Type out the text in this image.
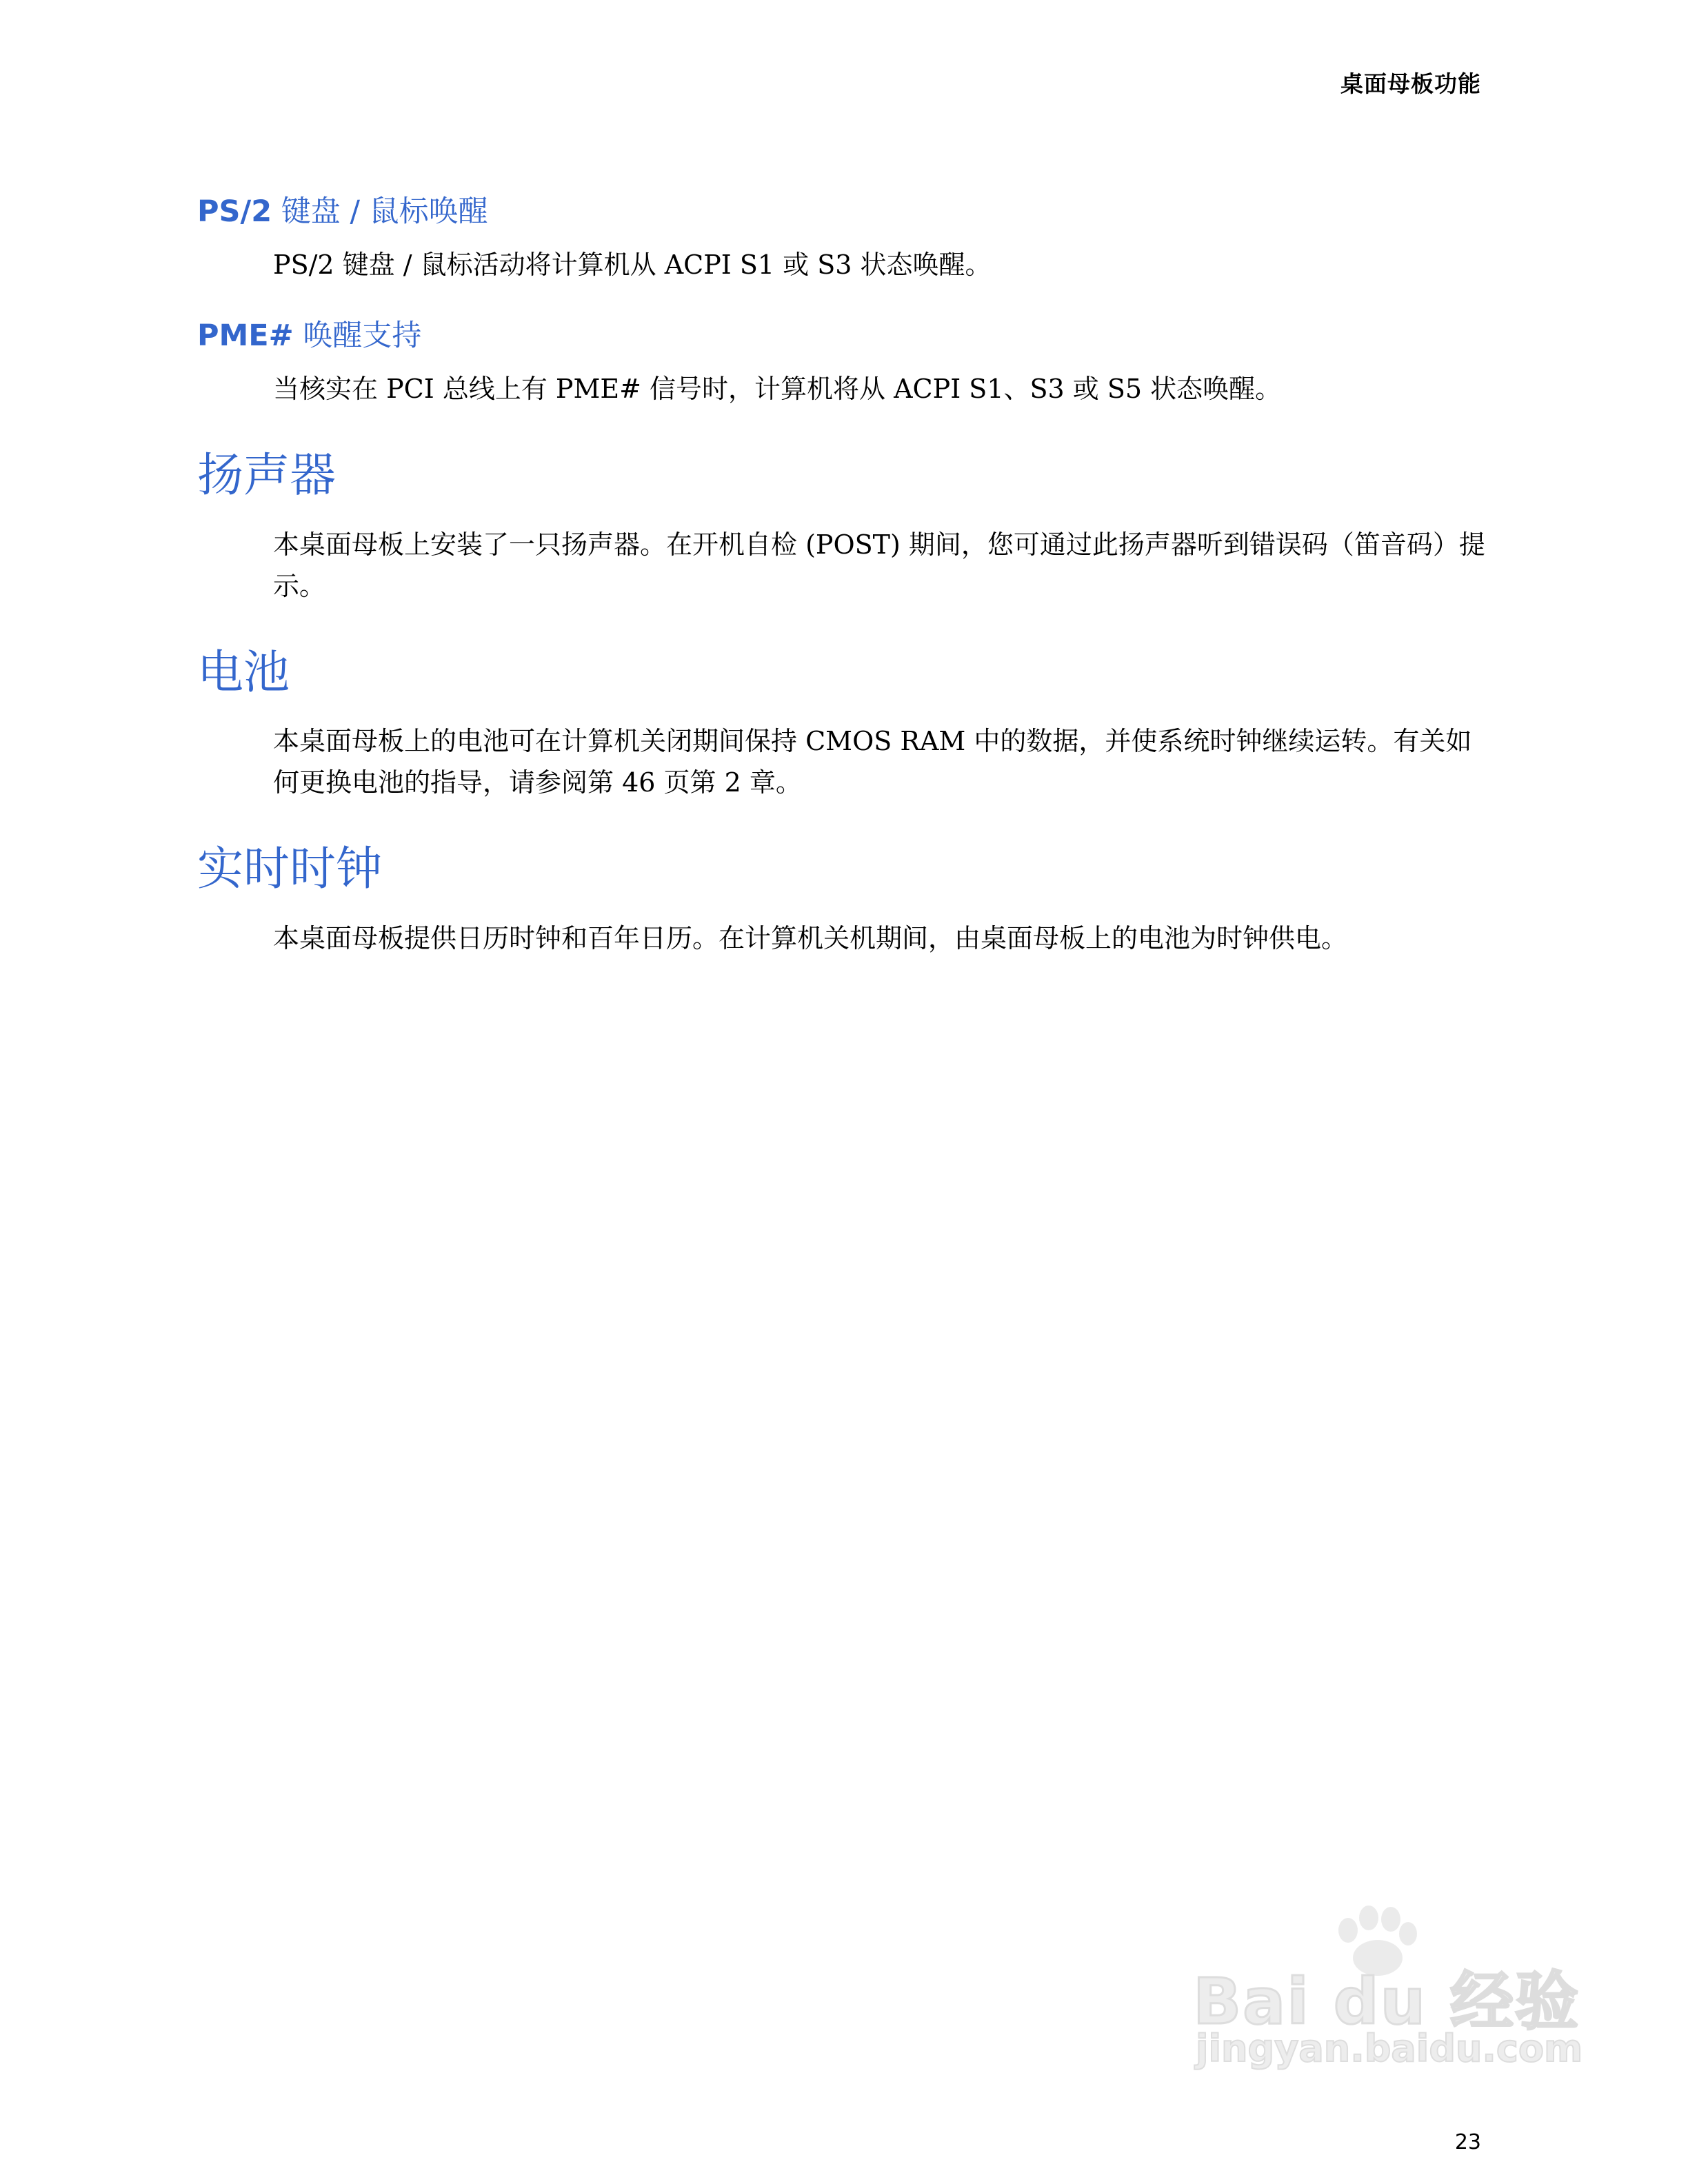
桌面母板功能
PS/2 键盘 / 鼠标唤醒

PS/2 键盘 / 鼠标活动将计算机从 ACPI S1 或 S3 状态唤醒。

PME# 唤醒支持

当核实在 PCI 总线上有 PME# 信号时，计算机将从 ACPI S1、S3 或 S5 状态唤醒。

扬声器

本桌面母板上安装了一只扬声器。在开机自检 (POST) 期间，您可通过此扬声器听到错误码（笛音码）提示。

电池

本桌面母板上的电池可在计算机关闭期间保持 CMOS RAM 中的数据，并使系统时钟继续运转。有关如何更换电池的指导，请参阅第 46 页第 2 章。

实时时钟

本桌面母板提供日历时钟和百年日历。在计算机关机期间，由桌面母板上的电池为时钟供电。

Bai du 经验
jingyan.baidu.com
23
